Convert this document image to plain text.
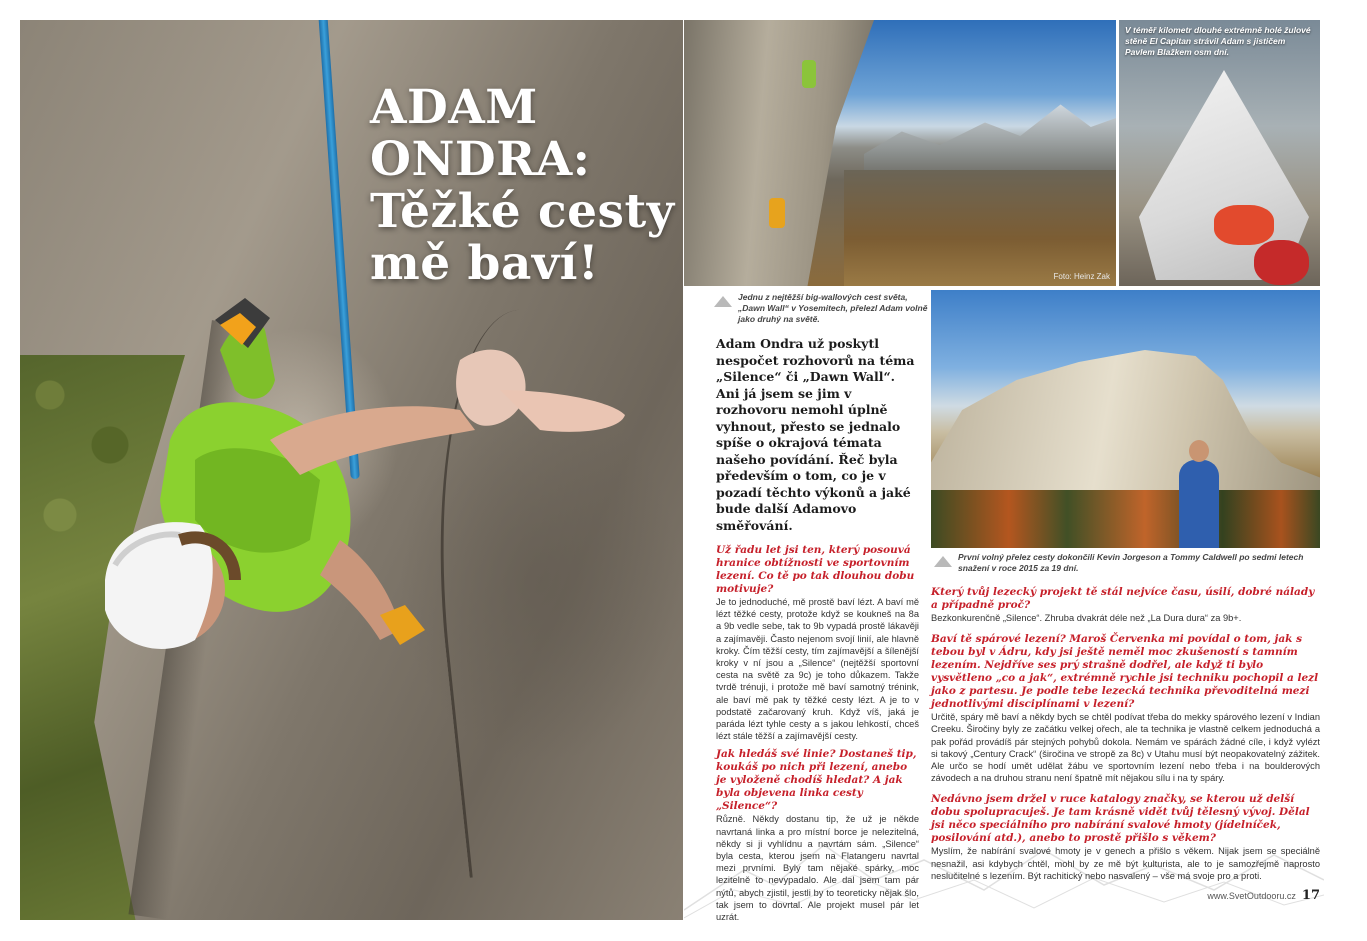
ADAM
ONDRA:
Těžké cesty
mě baví!	Foto: Heinz Zak
V téměř kilometr dlouhé extrémně holé žulové stěně El Capitan strávil Adam s jističem Pavlem Blažkem osm dní.
Jednu z nejtěžší big-wallových cest světa, „Dawn Wall“ v Yosemitech, přelezl Adam volně jako druhý na světě.
První volný přelez cesty dokončili Kevin Jorgeson a Tommy Caldwell po sedmi letech snažení v roce 2015 za 19 dní.

Adam Ondra už poskytl nespočet rozhovorů na téma „Silence“ či „Dawn Wall“. Ani já jsem se jim v rozhovoru nemohl úplně vyhnout, přesto se jednalo spíše o okrajová témata našeho povídání. Řeč byla především o tom, co je v pozadí těchto výkonů a jaké bude další Adamovo směřování.

Už řadu let jsi ten, který posouvá hranice obtížnosti ve sportovním lezení. Co tě po tak dlouhou dobu motivuje?

Je to jednoduché, mě prostě baví lézt. A baví mě lézt těžké cesty, protože když se koukneš na 8a a 9b vedle sebe, tak to 9b vypadá prostě lákavěji a zajímavěji. Často nejenom svojí linií, ale hlavně kroky. Čím těžší cesty, tím zajímavější a šílenější kroky v ní jsou a „Silence“ (nejtěžší sportovní cesta na světě za 9c) je toho důkazem. Takže tvrdě trénuji, i protože mě baví samotný trénink, ale baví mě pak ty těžké cesty lézt. A je to v podstatě začarovaný kruh. Když víš, jaká je paráda lézt tyhle cesty a s jakou lehkostí, chceš lézt stále těžší a zajímavější cesty.

Jak hledáš své linie? Dostaneš tip, koukáš po nich při lezení, anebo je vyloženě chodíš hledat? A jak byla objevena linka cesty „Silence“?

Různě. Někdy dostanu tip, že už je někde navrtaná linka a pro místní borce je nelezitelná, někdy si ji vyhlídnu a navrtám sám. „Silence“ byla cesta, kterou jsem na Flatangeru navrtal mezi prvními. Byly tam nějaké spárky, moc lezitelně to nevypadalo. Ale dal jsem tam pár nýtů, abych zjistil, jestli by to teoreticky nějak šlo, tak jsem to dovrtal. Ale projekt musel pár let uzrát.

Který tvůj lezecký projekt tě stál nejvíce času, úsilí, dobré nálady a případně proč?

Bezkonkurenčně „Silence“. Zhruba dvakrát déle než „La Dura dura“ za 9b+.

Baví tě spárové lezení? Maroš Červenka mi povídal o tom, jak s tebou byl v Ádru, kdy jsi ještě neměl moc zkušeností s tamním lezením. Nejdříve ses prý strašně dodřel, ale když ti bylo vysvětleno „co a jak“, extrémně rychle jsi techniku pochopil a lezl jako z partesu. Je podle tebe lezecká technika převoditelná mezi jednotlivými disciplínami v lezení?

Určitě, spáry mě baví a někdy bych se chtěl podívat třeba do mekky spárového lezení v Indian Creeku. Širočiny byly ze začátku velkej ořech, ale ta technika je vlastně celkem jednoduchá a pak pořád provádíš pár stejných pohybů dokola. Nemám ve spárách žádné cíle, i když vylézt si takový „Century Crack“ (širočina ve stropě za 8c) v Utahu musí být neopakovatelný zážitek. Ale určo se hodí umět udělat žábu ve sportovním lezení nebo třeba i na boulderových závodech a na druhou stranu není špatně mít nějakou sílu i na ty spáry.

Nedávno jsem držel v ruce katalogy značky, se kterou už delší dobu spolupracuješ. Je tam krásně vidět tvůj tělesný vývoj. Dělal jsi něco speciálního pro nabírání svalové hmoty (jídelníček, posilování atd.), anebo to prostě přišlo s věkem?

Myslím, že nabírání svalové hmoty je v genech a přišlo s věkem. Nijak jsem se speciálně nesnažil, asi kdybych chtěl, mohl by ze mě být kulturista, ale to je samozřejmě naprosto neslučitelné s lezením. Být rachitický nebo nasvalený – vše má svoje pro a proti.

www.SvetOutdooru.cz 17
